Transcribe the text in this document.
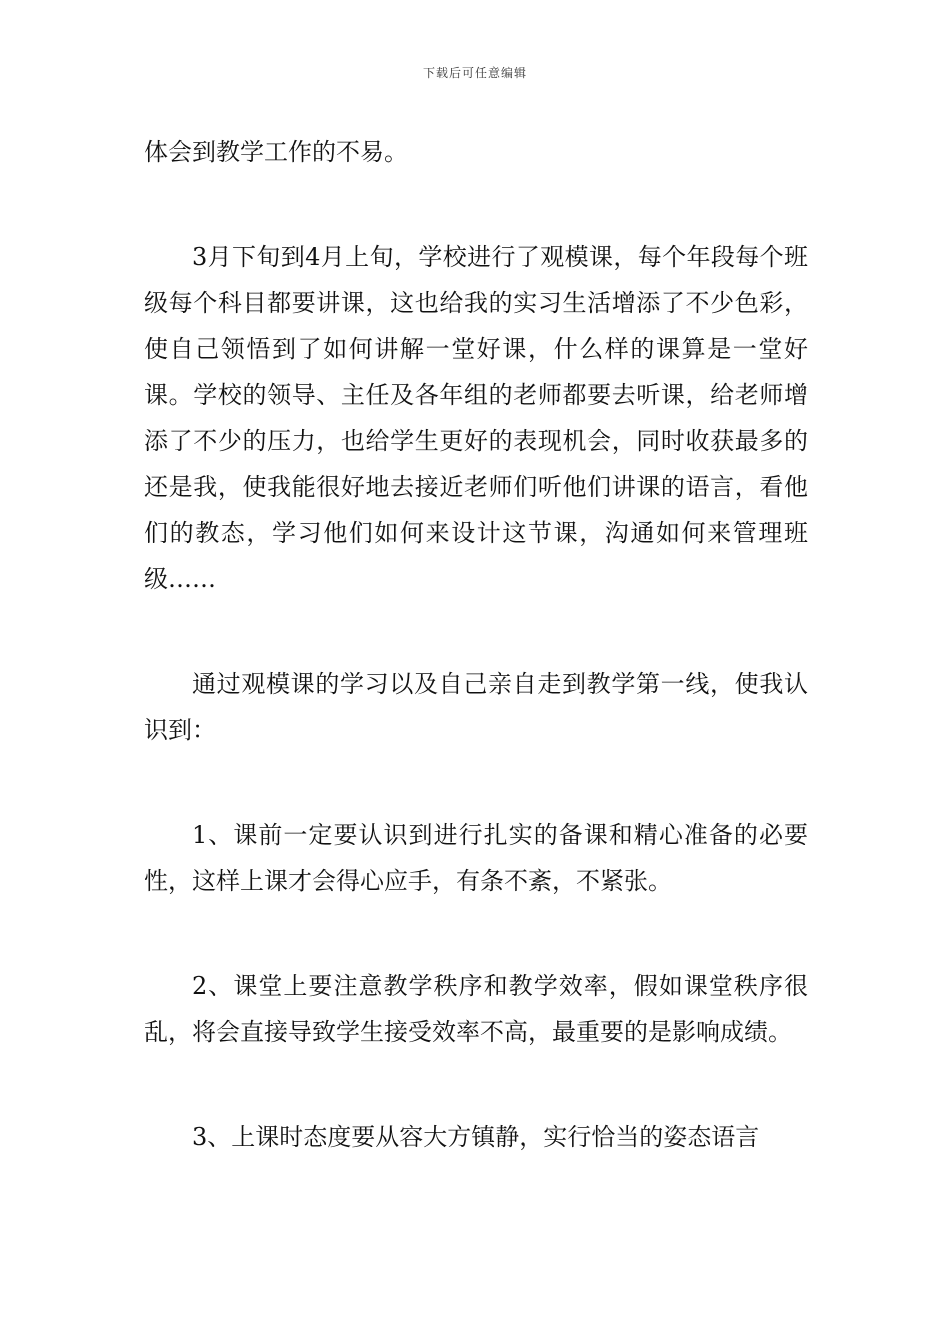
下载后可任意编辑

体会到教学工作的不易。

3月下旬到4月上旬，学校进行了观模课，每个年段每个班级每个科目都要讲课，这也给我的实习生活增添了不少色彩，使自己领悟到了如何讲解一堂好课，什么样的课算是一堂好课。学校的领导、主任及各年组的老师都要去听课，给老师增添了不少的压力，也给学生更好的表现机会，同时收获最多的还是我，使我能很好地去接近老师们听他们讲课的语言，看他们的教态，学习他们如何来设计这节课，沟通如何来管理班级……

通过观模课的学习以及自己亲自走到教学第一线，使我认识到：

1、课前一定要认识到进行扎实的备课和精心准备的必要性，这样上课才会得心应手，有条不紊，不紧张。

2、课堂上要注意教学秩序和教学效率，假如课堂秩序很乱，将会直接导致学生接受效率不高，最重要的是影响成绩。

3、上课时态度要从容大方镇静，实行恰当的姿态语言
